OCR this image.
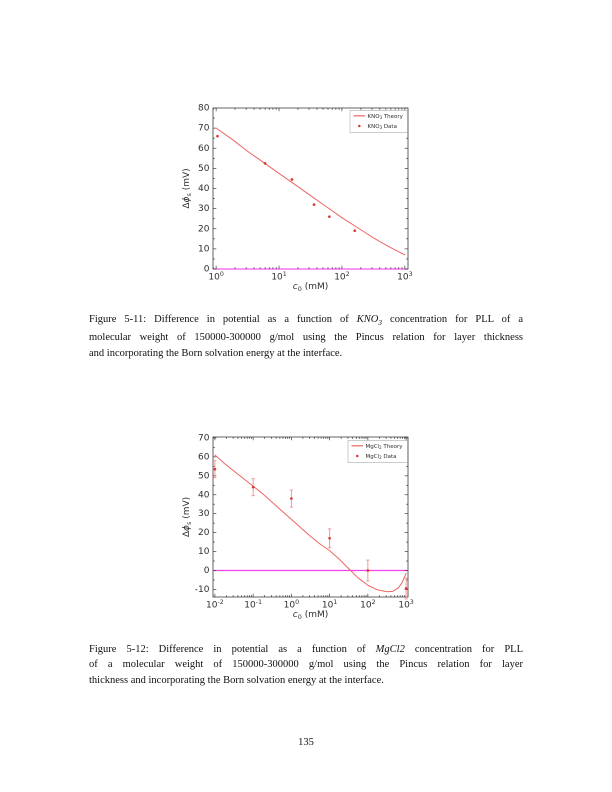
$10^0$	$10^1$	$10^2$	$10^3$
0
10
20
30
40
50
60
70
80
$KNO_3$ Theory
$KNO_3$ Data
$c_0$ (mM)
$\Delta\phi_s$ (mV)
Figure 5-11: Difference in potential as a function of $KNO_3$ concentration for PLL of a
molecular weight of 150000-300000 g/mol using the Pincus relation for layer thickness
and incorporating the Born solvation energy at the interface.
$10^{-2}$ $10^{-1}$ $10^0$	$10^1$	$10^2$	$10^3$
-10
0
10
20
30
40
50
60
70
MgCl$_2$ Theory
MgCl$_2$ Data
$c_0$ (mM)
$\Delta\phi_s$ (mV)
Figure 5-12: Difference in potential as a function of MgCl2 concentration for PLL
of a molecular weight of 150000-300000 g/mol using the Pincus relation for layer
thickness and incorporating the Born solvation energy at the interface.
135
